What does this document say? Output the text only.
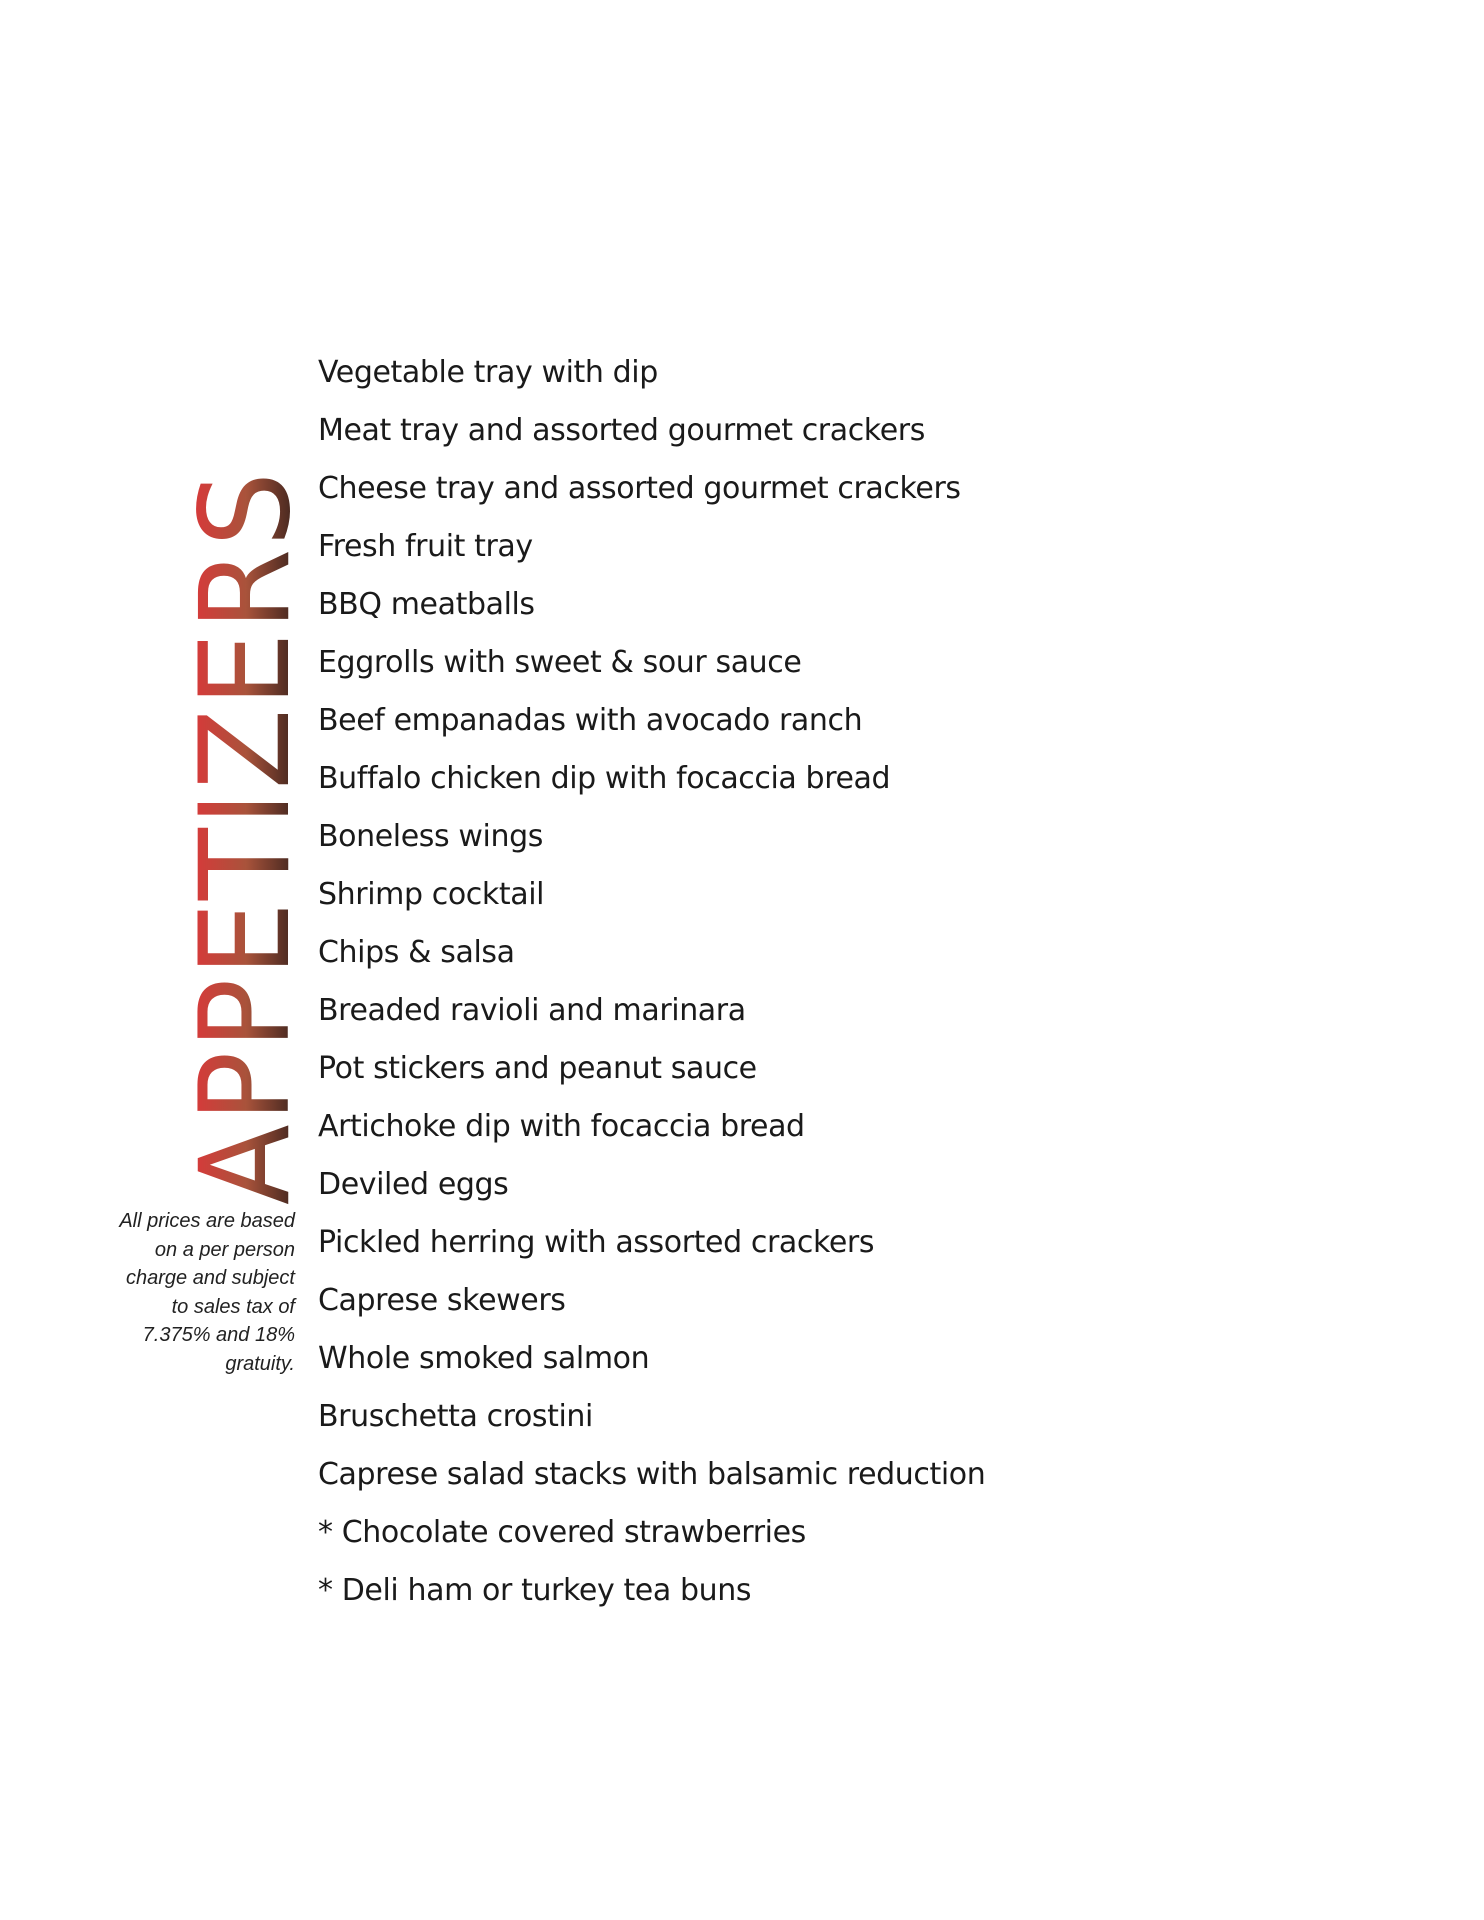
APPETIZERS
All prices are based
on a per person
charge and subject
to sales tax of
7.375% and 18%
gratuity.
Vegetable tray with dip
Meat tray and assorted gourmet crackers
Cheese tray and assorted gourmet crackers
Fresh fruit tray
BBQ meatballs
Eggrolls with sweet & sour sauce
Beef empanadas with avocado ranch
Buffalo chicken dip with focaccia bread
Boneless wings
Shrimp cocktail
Chips & salsa
Breaded ravioli and marinara
Pot stickers and peanut sauce
Artichoke dip with focaccia bread
Deviled eggs
Pickled herring with assorted crackers
Caprese skewers
Whole smoked salmon
Bruschetta crostini
Caprese salad stacks with balsamic reduction
* Chocolate covered strawberries
* Deli ham or turkey tea buns
